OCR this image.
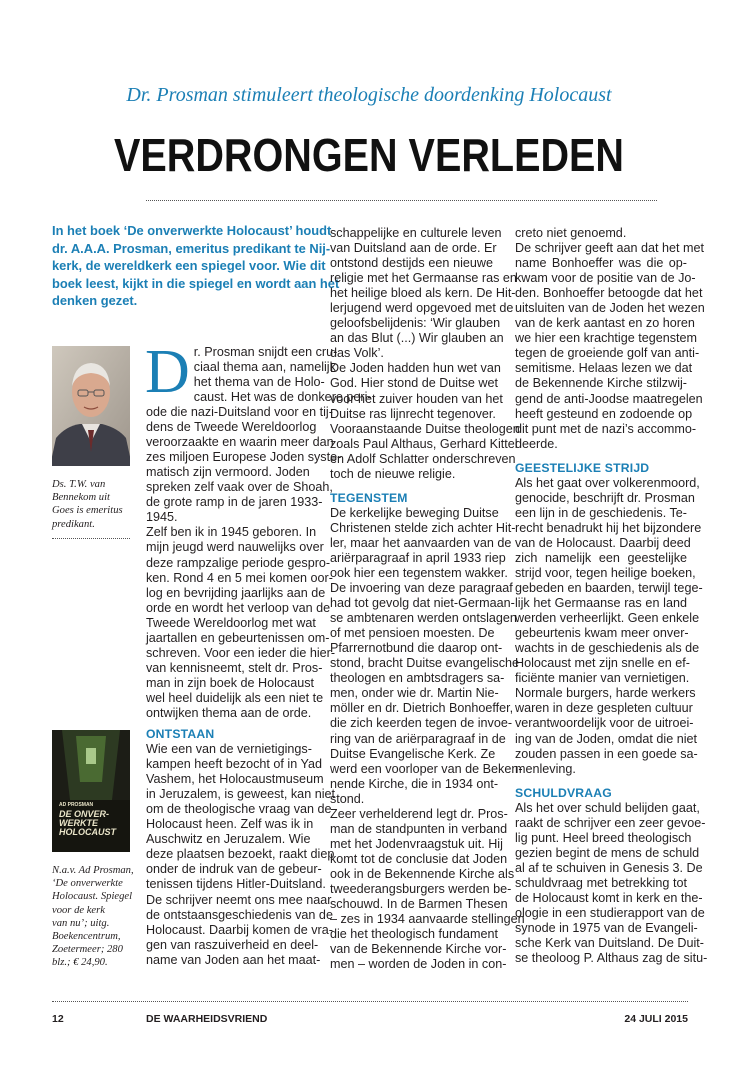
Dr. Prosman stimuleert theologische doordenking Holocaust
VERDRONGEN VERLEDEN
In het boek ‘De onverwerkte Holocaust’ houdt
dr. A.A.A. Prosman, emeritus predikant te Nij-
kerk, de wereldkerk een spiegel voor. Wie dit
boek leest, kijkt in die spiegel en wordt aan het
denken gezet.
Ds. T.W. van
Bennekom uit
Goes is emeritus
predikant.
AD PROSMAN
DE ONVER-
WERKTE
HOLOCAUST
N.a.v. Ad Prosman,
‘De onverwerkte
Holocaust. Spiegel
voor de kerk
van nu’; uitg.
Boekencentrum,
Zoetermeer; 280
blz.; € 24,90.
D r. Prosman snijdt een cru-
ciaal thema aan, namelijk
het thema van de Holo-
caust. Het was de donkere peri-
ode die nazi-Duitsland voor en tij-
dens de Tweede Wereldoorlog
veroorzaakte en waarin meer dan
zes miljoen Europese Joden syste-
matisch zijn vermoord. Joden
spreken zelf vaak over de Shoah,
de grote ramp in de jaren 1933-
1945.
Zelf ben ik in 1945 geboren. In
mijn jeugd werd nauwelijks over
deze rampzalige periode gespro-
ken. Rond 4 en 5 mei komen oor-
log en bevrijding jaarlijks aan de
orde en wordt het verloop van de
Tweede Wereldoorlog met wat
jaartallen en gebeurtenissen om-
schreven. Voor een ieder die hier-
van kennisneemt, stelt dr. Pros-
man in zijn boek de Holocaust
wel heel duidelijk als een niet te
ontwijken thema aan de orde.
ONTSTAAN
Wie een van de vernietigings-
kampen heeft bezocht of in Yad
Vashem, het Holocaustmuseum
in Jeruzalem, is geweest, kan niet
om de theologische vraag van de
Holocaust heen. Zelf was ik in
Auschwitz en Jeruzalem. Wie
deze plaatsen bezoekt, raakt diep
onder de indruk van de gebeur-
tenissen tijdens Hitler-Duitsland.
De schrijver neemt ons mee naar
de ontstaansgeschiedenis van de
Holocaust. Daarbij komen de vra-
gen van raszuiverheid en deel-
name van Joden aan het maat-
schappelijke en culturele leven
van Duitsland aan de orde. Er
ontstond destijds een nieuwe
religie met het Germaanse ras en
het heilige bloed als kern. De Hit-
lerjugend werd opgevoed met de
geloofsbelijdenis: ‘Wir glauben
an das Blut (...) Wir glauben an
das Volk’.
De Joden hadden hun wet van
God. Hier stond de Duitse wet
voor het zuiver houden van het
Duitse ras lijnrecht tegenover.
Vooraanstaande Duitse theologen
zoals Paul Althaus, Gerhard Kittel
en Adolf Schlatter onderschreven
toch de nieuwe religie.
TEGENSTEM
De kerkelijke beweging Duitse
Christenen stelde zich achter Hit-
ler, maar het aanvaarden van de
ariërparagraaf in april 1933 riep
ook hier een tegenstem wakker.
De invoering van deze paragraaf
had tot gevolg dat niet-Germaan-
se ambtenaren werden ontslagen
of met pensioen moesten. De
Pfarrernotbund die daarop ont-
stond, bracht Duitse evangelische
theologen en ambtsdragers sa-
men, onder wie dr. Martin Nie-
möller en dr. Dietrich Bonhoeffer,
die zich keerden tegen de invoe-
ring van de ariërparagraaf in de
Duitse Evangelische Kerk. Ze
werd een voorloper van de Beken-
nende Kirche, die in 1934 ont-
stond.
Zeer verhelderend legt dr. Pros-
man de standpunten in verband
met het Jodenvraagstuk uit. Hij
komt tot de conclusie dat Joden
ook in de Bekennende Kirche als
tweederangsburgers werden be-
schouwd. In de Barmen Thesen
– zes in 1934 aanvaarde stellingen
die het theologisch fundament
van de Bekennende Kirche vor-
men – worden de Joden in con-
creto niet genoemd.
De schrijver geeft aan dat het met
name Bonhoeffer was die op-
kwam voor de positie van de Jo-
den. Bonhoeffer betoogde dat het
uitsluiten van de Joden het wezen
van de kerk aantast en zo horen
we hier een krachtige tegenstem
tegen de groeiende golf van anti-
semitisme. Helaas lezen we dat
de Bekennende Kirche stilzwij-
gend de anti-Joodse maatregelen
heeft gesteund en zodoende op
dit punt met de nazi’s accommo-
deerde.
GEESTELIJKE STRIJD
Als het gaat over volkerenmoord,
genocide, beschrijft dr. Prosman
een lijn in de geschiedenis. Te-
recht benadrukt hij het bijzondere
van de Holocaust. Daarbij deed
zich namelijk een geestelijke
strijd voor, tegen heilige boeken,
gebeden en baarden, terwijl tege-
lijk het Germaanse ras en land
werden verheerlijkt. Geen enkele
gebeurtenis kwam meer onver-
wachts in de geschiedenis als de
Holocaust met zijn snelle en ef-
ficiënte manier van vernietigen.
Normale burgers, harde werkers
waren in deze gespleten cultuur
verantwoordelijk voor de uitroei-
ing van de Joden, omdat die niet
zouden passen in een goede sa-
menleving.
SCHULDVRAAG
Als het over schuld belijden gaat,
raakt de schrijver een zeer gevoe-
lig punt. Heel breed theologisch
gezien begint de mens de schuld
al af te schuiven in Genesis 3. De
schuldvraag met betrekking tot
de Holocaust komt in kerk en the-
ologie in een studierapport van de
synode in 1975 van de Evangeli-
sche Kerk van Duitsland. De Duit-
se theoloog P. Althaus zag de situ-
12	DE WAARHEIDSVRIEND	24 JULI 2015
